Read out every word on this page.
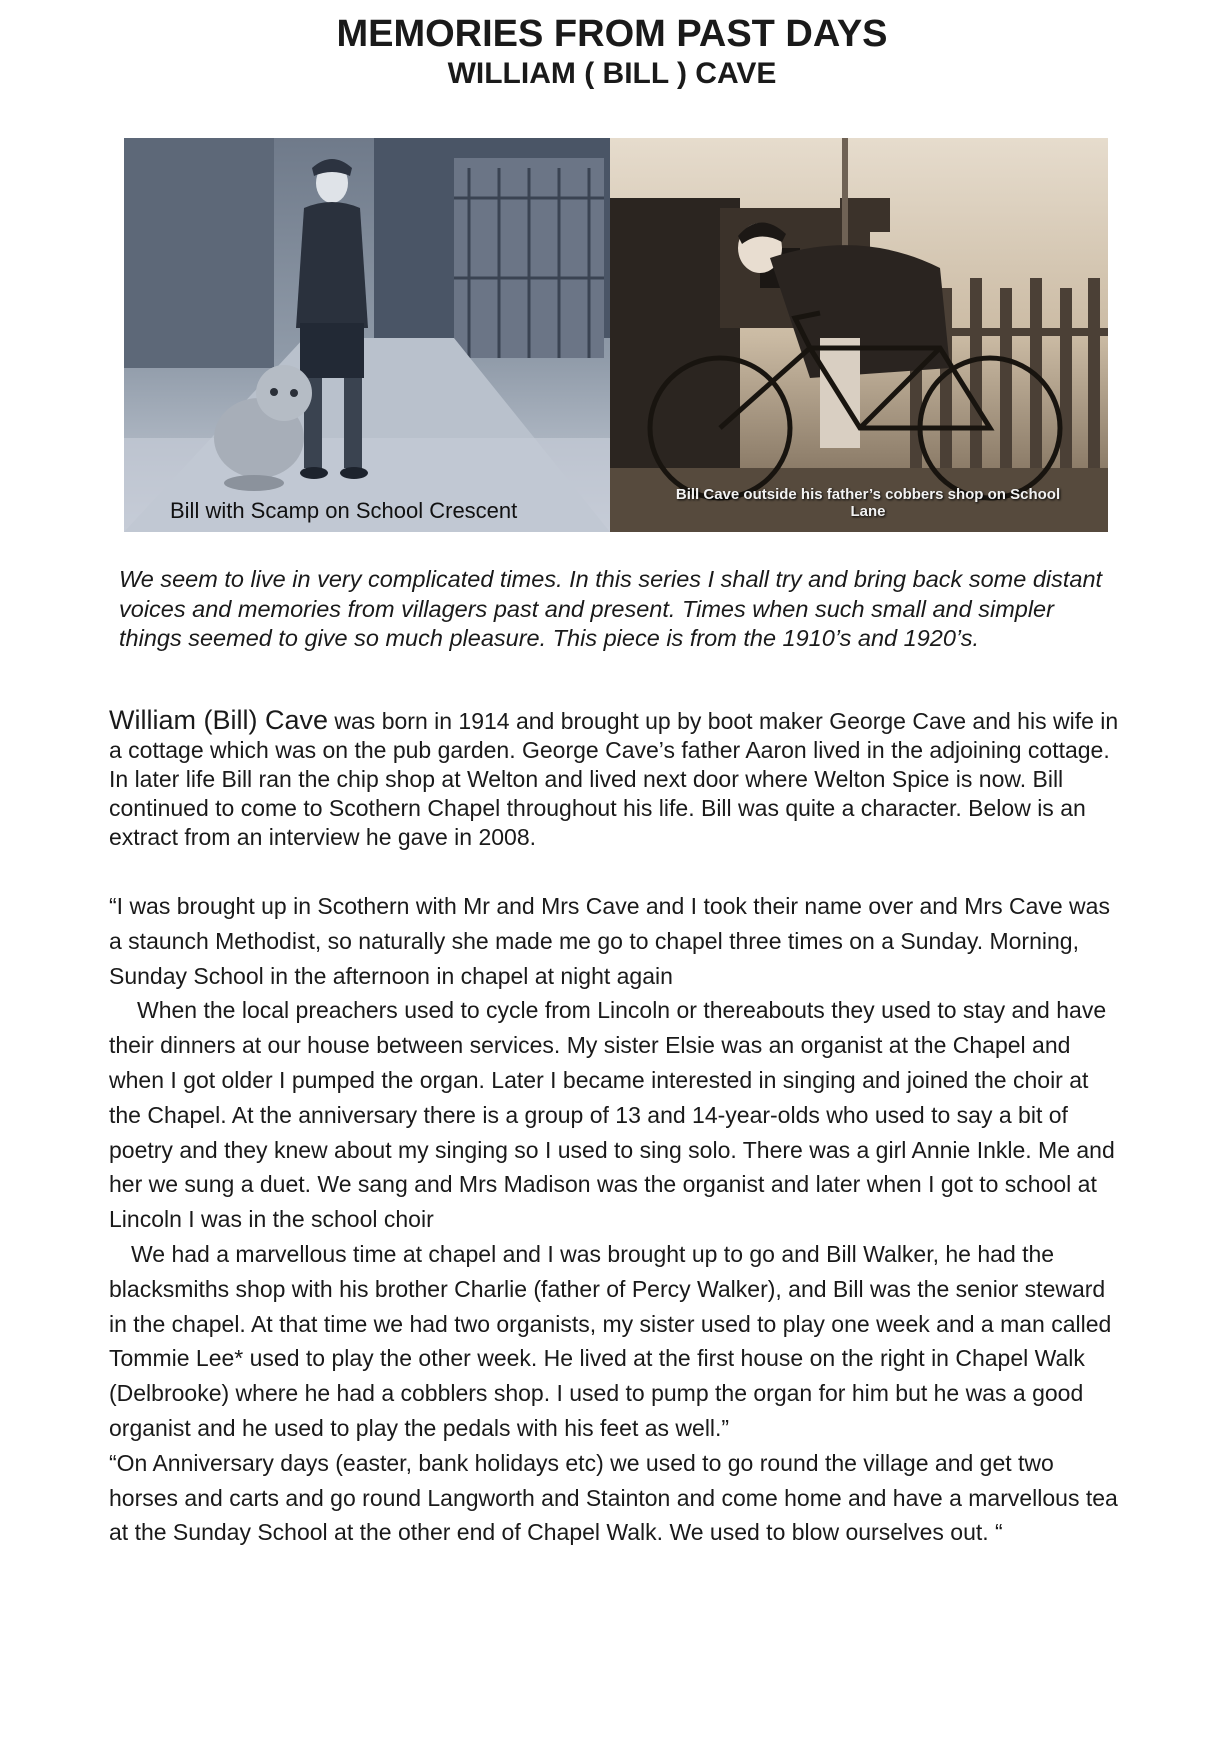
MEMORIES FROM PAST DAYS
WILLIAM ( BILL ) CAVE
Bill with Scamp on School Crescent
Bill Cave outside his father’s cobbers shop on School Lane

We seem to live in very complicated times. In this series I shall try and bring back some distant voices and memories from villagers past and present. Times when such small and simpler things seemed to give so much pleasure. This piece is from the 1910’s and 1920’s.

William (Bill) Cave was born in 1914 and brought up by boot maker George Cave and his wife in a cottage which was on the pub garden. George Cave’s father Aaron lived in the adjoining cottage. In later life Bill ran the chip shop at Welton and lived next door where Welton Spice is now. Bill continued to come to Scothern Chapel throughout his life. Bill was quite a character. Below is an extract from an interview he gave in 2008.

“I was brought up in Scothern with Mr and Mrs Cave and I took their name over and Mrs Cave was a staunch Methodist, so naturally she made me go to chapel three times on a Sunday. Morning, Sunday School in the afternoon in chapel at night again

When the local preachers used to cycle from Lincoln or thereabouts they used to stay and have their dinners at our house between services. My sister Elsie was an organist at the Chapel and when I got older I pumped the organ. Later I became interested in singing and joined the choir at the Chapel. At the anniversary there is a group of 13 and 14-year-olds who used to say a bit of poetry and they knew about my singing so I used to sing solo. There was a girl Annie Inkle. Me and her we sung a duet. We sang and Mrs Madison was the organist and later when I got to school at Lincoln I was in the school choir

We had a marvellous time at chapel and I was brought up to go and Bill Walker, he had the blacksmiths shop with his brother Charlie (father of Percy Walker), and Bill was the senior steward in the chapel. At that time we had two organists, my sister used to play one week and a man called Tommie Lee* used to play the other week. He lived at the first house on the right in Chapel Walk (Delbrooke) where he had a cobblers shop. I used to pump the organ for him but he was a good organist and he used to play the pedals with his feet as well.”

“On Anniversary days (easter, bank holidays etc) we used to go round the village and get two horses and carts and go round Langworth and Stainton and come home and have a marvellous tea at the Sunday School at the other end of Chapel Walk. We used to blow ourselves out. “
